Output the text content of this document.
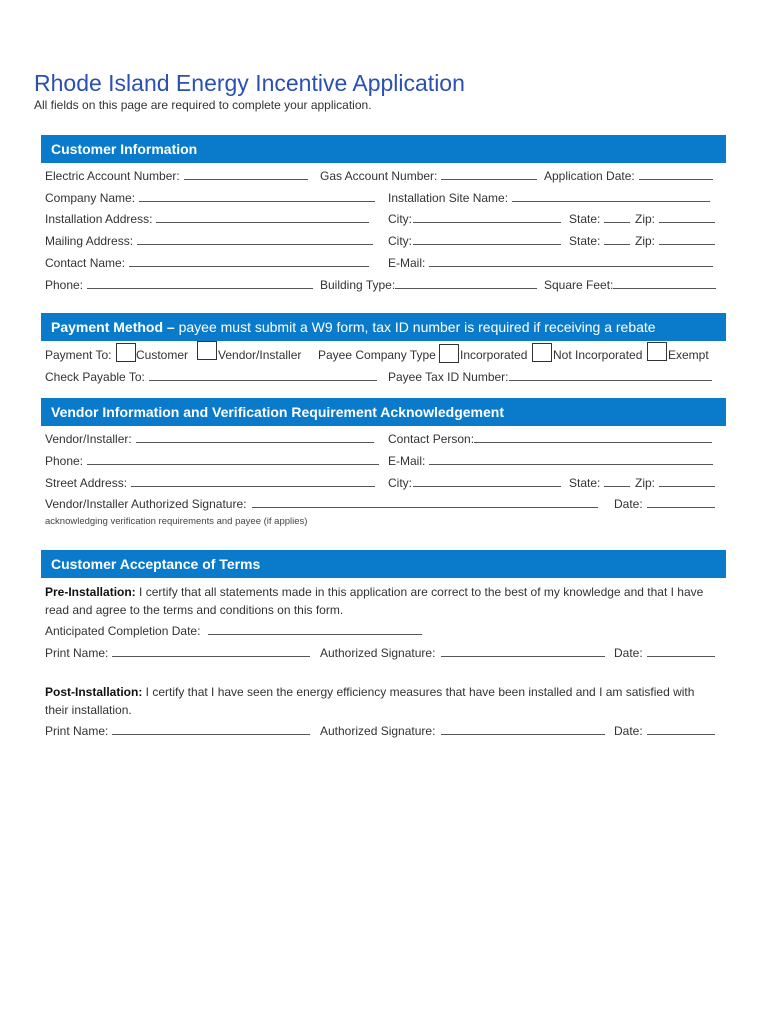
Rhode Island Energy Incentive Application
All fields on this page are required to complete your application.
Customer Information
Electric Account Number:	Gas Account Number:	Application Date:
Company Name:	Installation Site Name:
Installation Address:	City:	State:	Zip:
Mailing Address:	City:	State:	Zip:
Contact Name:	E-Mail:
Phone:	Building Type:	Square Feet:
Payment Method – payee must submit a W9 form, tax ID number is required if receiving a rebate
Payment To: Customer Vendor/Installer Payee Company Type Incorporated Not Incorporated Exempt
Check Payable To:	Payee Tax ID Number:
Vendor Information and Verification Requirement Acknowledgement
Vendor/Installer:	Contact Person:
Phone:	E-Mail:
Street Address:	City:	State:	Zip:
Vendor/Installer Authorized Signature:	Date:
acknowledging verification requirements and payee (if applies)
Customer Acceptance of Terms
Pre-Installation: I certify that all statements made in this application are correct to the best of my knowledge and that I have read and agree to the terms and conditions on this form.
Anticipated Completion Date:
Print Name:	Authorized Signature:	Date:
Post-Installation: I certify that I have seen the energy efficiency measures that have been installed and I am satisfied with their installation.
Print Name:	Authorized Signature:	Date:
